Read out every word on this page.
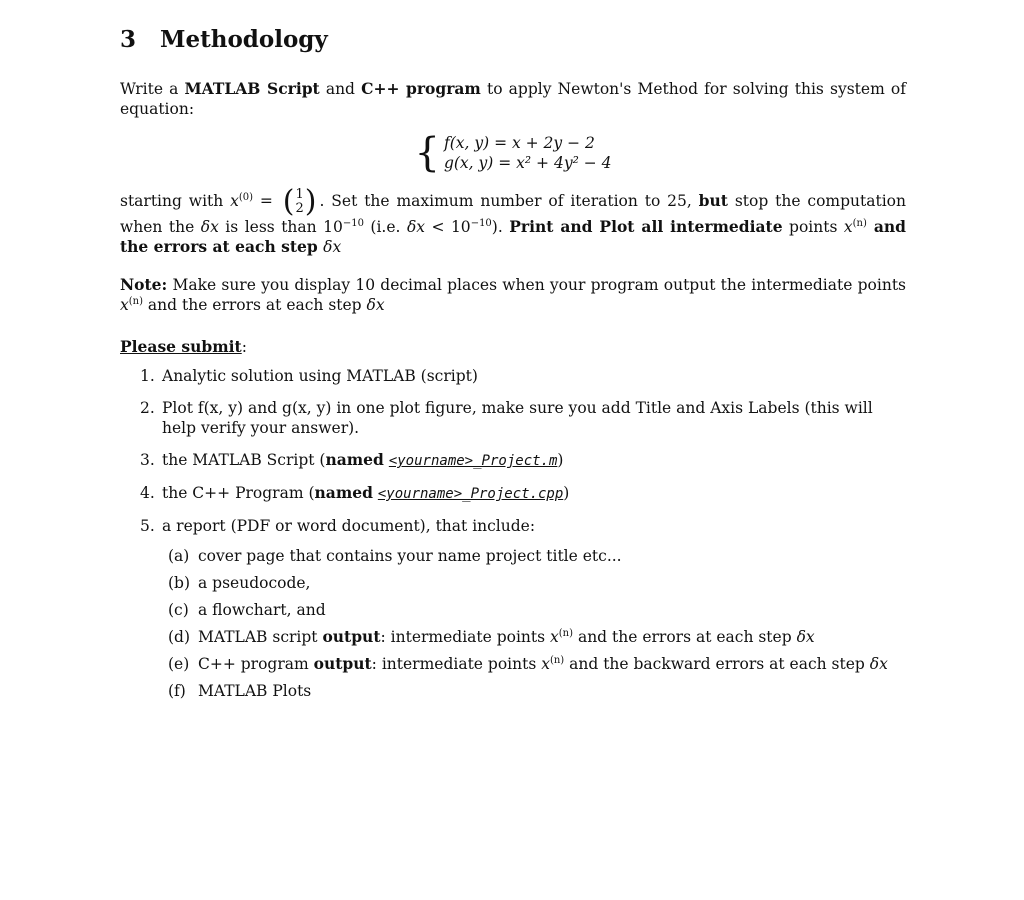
3 Methodology

Write a MATLAB Script and C++ program to apply Newton's Method for solving this system of equation:

{ f(x, y) = x + 2y − 2
g(x, y) = x² + 4y² − 4

starting with $x^{(0)}$ = ( 1
2 ) . Set the maximum number of iteration to 25, but stop the computation when the δx is less than $10^{-10}$ (i.e. $\delta x < 10^{-10}$). Print and Plot all intermediate points $x^{(n)}$ and the errors at each step δx

Note: Make sure you display 10 decimal places when your program output the intermediate points $x^{(n)}$ and the errors at each step δx

Please submit:
1. Analytic solution using MATLAB (script)
2. Plot f(x, y) and g(x, y) in one plot figure, make sure you add Title and Axis Labels (this will help verify your answer).
3. the MATLAB Script (named <yourname>_Project.m)
4. the C++ Program (named <yourname>_Project.cpp)
5. a report (PDF or word document), that include:
(a) cover page that contains your name project title etc...
(b) a pseudocode,
(c) a flowchart, and
(d) MATLAB script output: intermediate points $x^{(n)}$ and the errors at each step δx
(e) C++ program output: intermediate points $x^{(n)}$ and the backward errors at each step δx
(f) MATLAB Plots
